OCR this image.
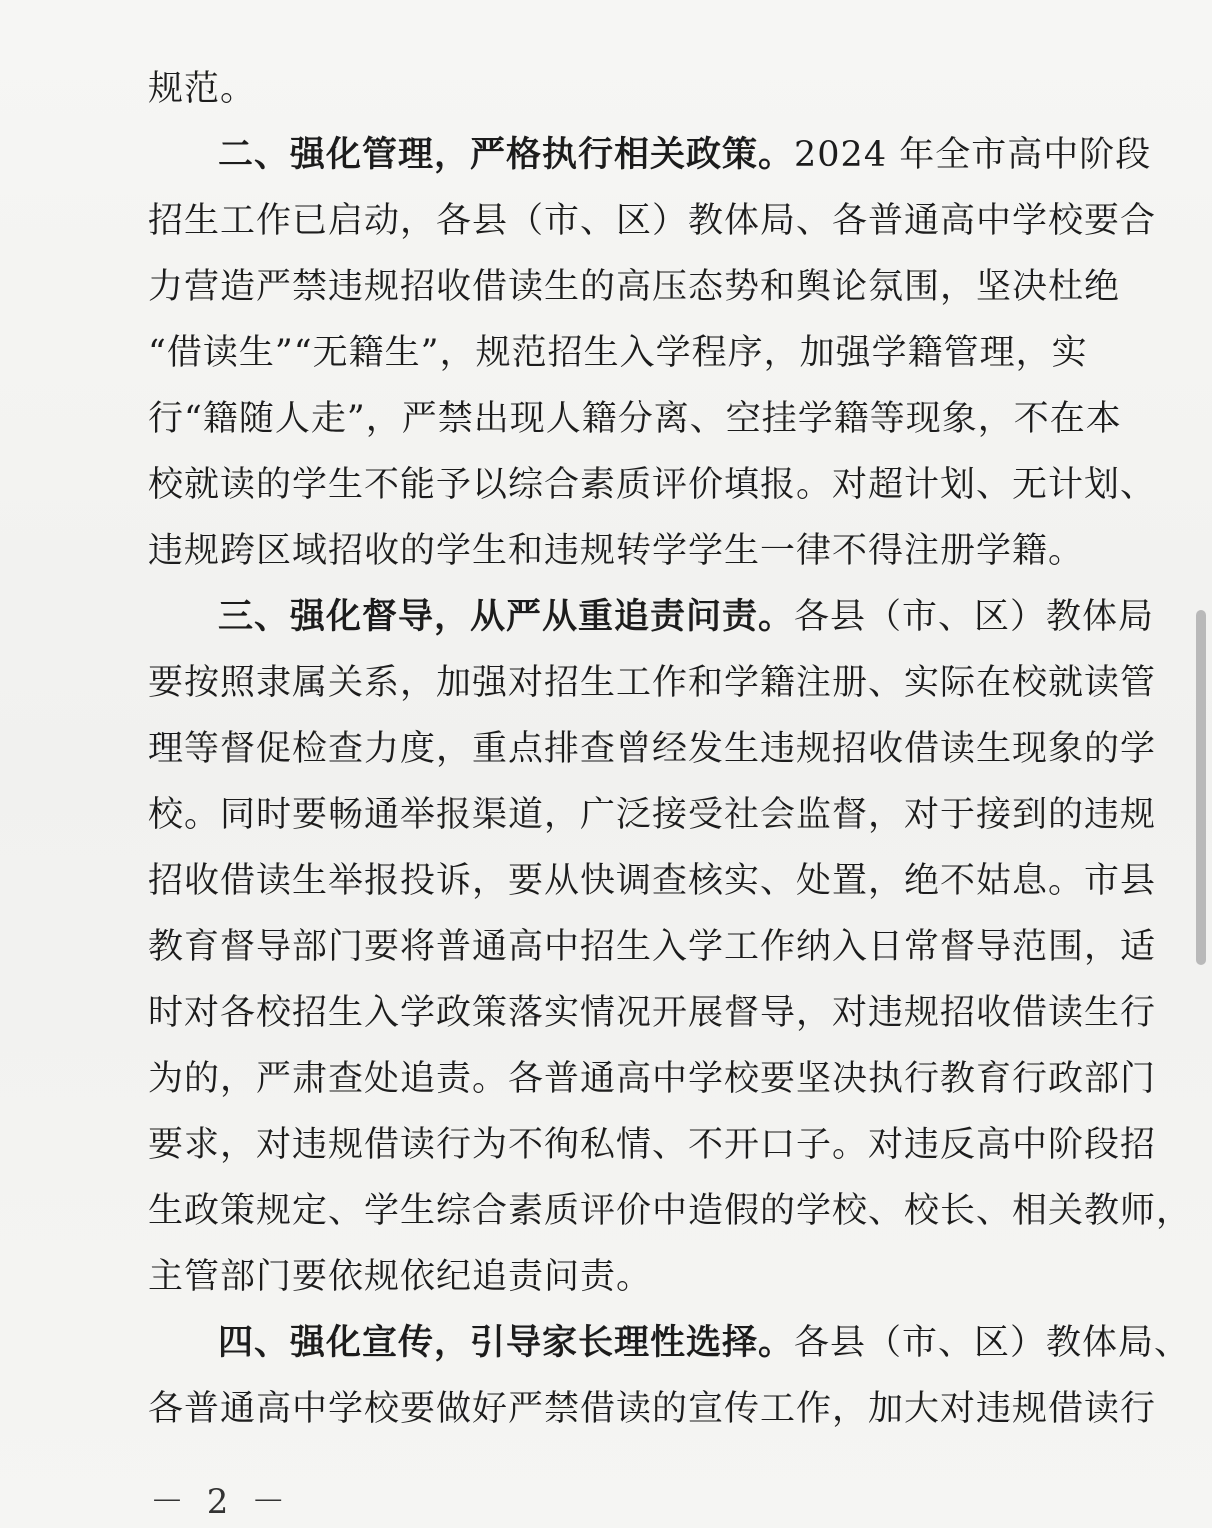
规范。
二、强化管理，严格执行相关政策。2024 年全市高中阶段
招生工作已启动，各县（市、区）教体局、各普通高中学校要合
力营造严禁违规招收借读生的高压态势和舆论氛围，坚决杜绝
“借读生”“无籍生”，规范招生入学程序，加强学籍管理，实
行“籍随人走”，严禁出现人籍分离、空挂学籍等现象，不在本
校就读的学生不能予以综合素质评价填报。对超计划、无计划、
违规跨区域招收的学生和违规转学学生一律不得注册学籍。
三、强化督导，从严从重追责问责。各县（市、区）教体局
要按照隶属关系，加强对招生工作和学籍注册、实际在校就读管
理等督促检查力度，重点排查曾经发生违规招收借读生现象的学
校。同时要畅通举报渠道，广泛接受社会监督，对于接到的违规
招收借读生举报投诉，要从快调查核实、处置，绝不姑息。市县
教育督导部门要将普通高中招生入学工作纳入日常督导范围，适
时对各校招生入学政策落实情况开展督导，对违规招收借读生行
为的，严肃查处追责。各普通高中学校要坚决执行教育行政部门
要求，对违规借读行为不徇私情、不开口子。对违反高中阶段招
生政策规定、学生综合素质评价中造假的学校、校长、相关教师，
主管部门要依规依纪追责问责。
四、强化宣传，引导家长理性选择。各县（市、区）教体局、
各普通高中学校要做好严禁借读的宣传工作，加大对违规借读行
－ 2 －
